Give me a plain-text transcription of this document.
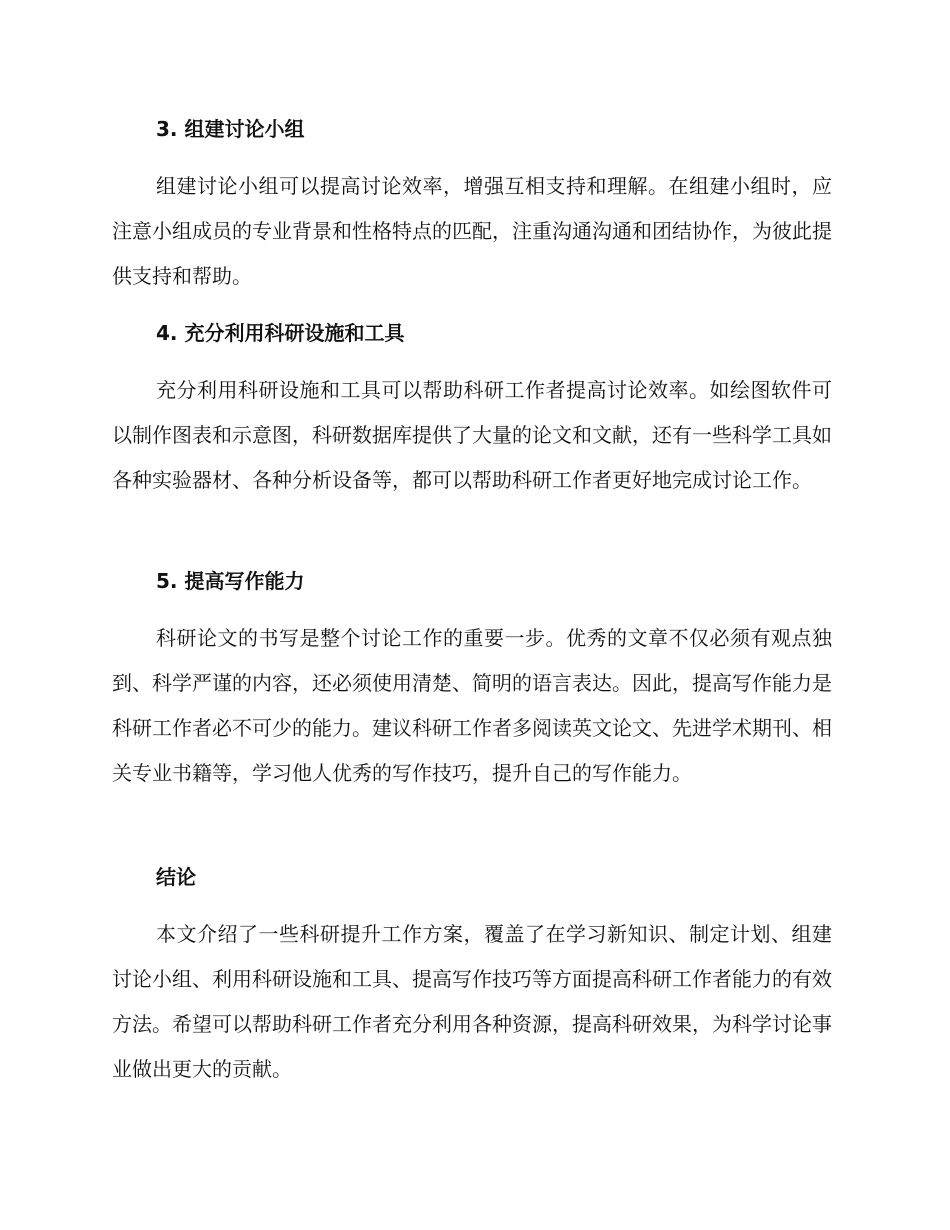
3. 组建讨论小组

组建讨论小组可以提高讨论效率，增强互相支持和理解。在组建小组时，应注意小组成员的专业背景和性格特点的匹配，注重沟通沟通和团结协作，为彼此提供支持和帮助。

4. 充分利用科研设施和工具

充分利用科研设施和工具可以帮助科研工作者提高讨论效率。如绘图软件可以制作图表和示意图，科研数据库提供了大量的论文和文献，还有一些科学工具如各种实验器材、各种分析设备等，都可以帮助科研工作者更好地完成讨论工作。

5. 提高写作能力

科研论文的书写是整个讨论工作的重要一步。优秀的文章不仅必须有观点独到、科学严谨的内容，还必须使用清楚、简明的语言表达。因此，提高写作能力是科研工作者必不可少的能力。建议科研工作者多阅读英文论文、先进学术期刊、相关专业书籍等，学习他人优秀的写作技巧，提升自己的写作能力。

结论

本文介绍了一些科研提升工作方案，覆盖了在学习新知识、制定计划、组建讨论小组、利用科研设施和工具、提高写作技巧等方面提高科研工作者能力的有效方法。希望可以帮助科研工作者充分利用各种资源，提高科研效果，为科学讨论事业做出更大的贡献。
